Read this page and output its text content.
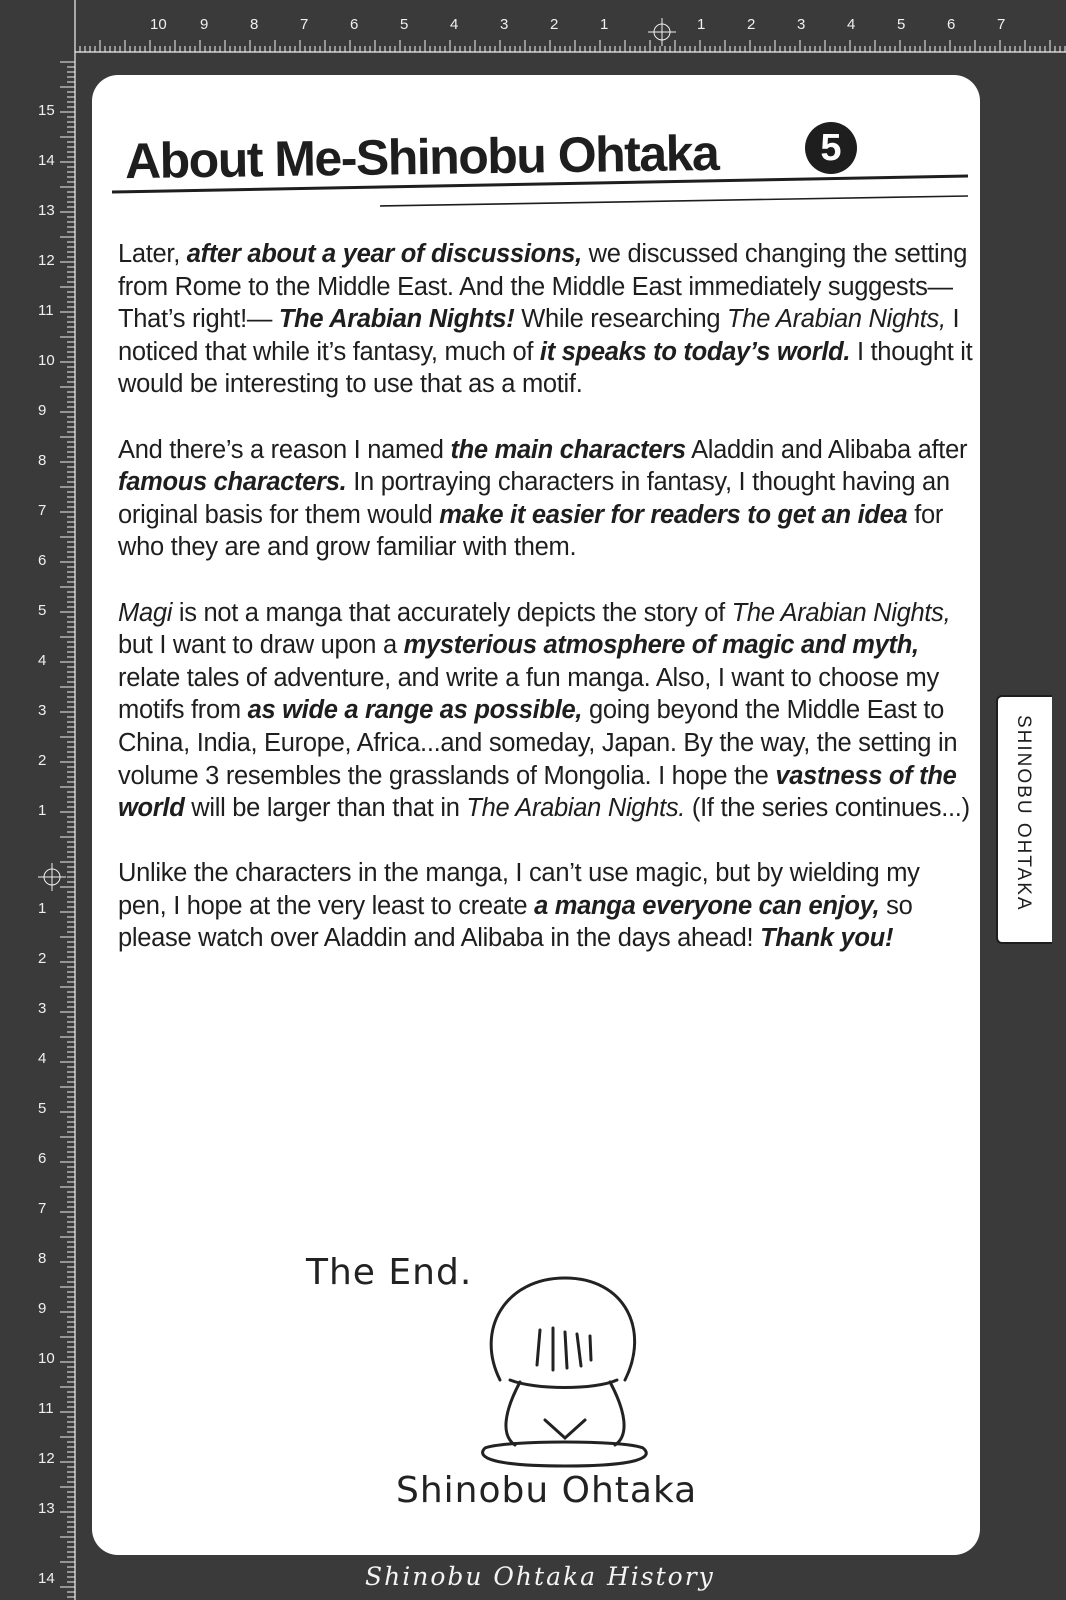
10 9	8	7	6	5	4	3	2	1	1	2	3	4	5	6	7
15
14
13
12
11
10
9
8
7
6
5
4
3
2
1
1
2
3
4
5
6
7
8
9
10
11
12
13
14
About Me-Shinobu Ohtaka	5

Later, after about a year of discussions, we discussed changing the setting from Rome to the Middle East. And the Middle East immediately suggests— That’s right!— The Arabian Nights! While researching The Arabian Nights, I noticed that while it’s fantasy, much of it speaks to today’s world. I thought it would be interesting to use that as a motif.

And there’s a reason I named the main characters Aladdin and Alibaba after famous characters. In portraying characters in fantasy, I thought having an original basis for them would make it easier for readers to get an idea for who they are and grow familiar with them.

Magi is not a manga that accurately depicts the story of The Arabian Nights, but I want to draw upon a mysterious atmosphere of magic and myth, relate tales of adventure, and write a fun manga. Also, I want to choose my motifs from as wide a range as possible, going beyond the Middle East to China, India, Europe, Africa...and someday, Japan. By the way, the setting in volume 3 resembles the grasslands of Mongolia. I hope the vastness of the world will be larger than that in The Arabian Nights. (If the series continues...)

Unlike the characters in the manga, I can’t use magic, but by wielding my pen, I hope at the very least to create a manga everyone can enjoy, so please watch over Aladdin and Alibaba in the days ahead! Thank you!

SHINOBU OHTAKA
The End.
Shinobu Ohtaka
Shinobu Ohtaka History
